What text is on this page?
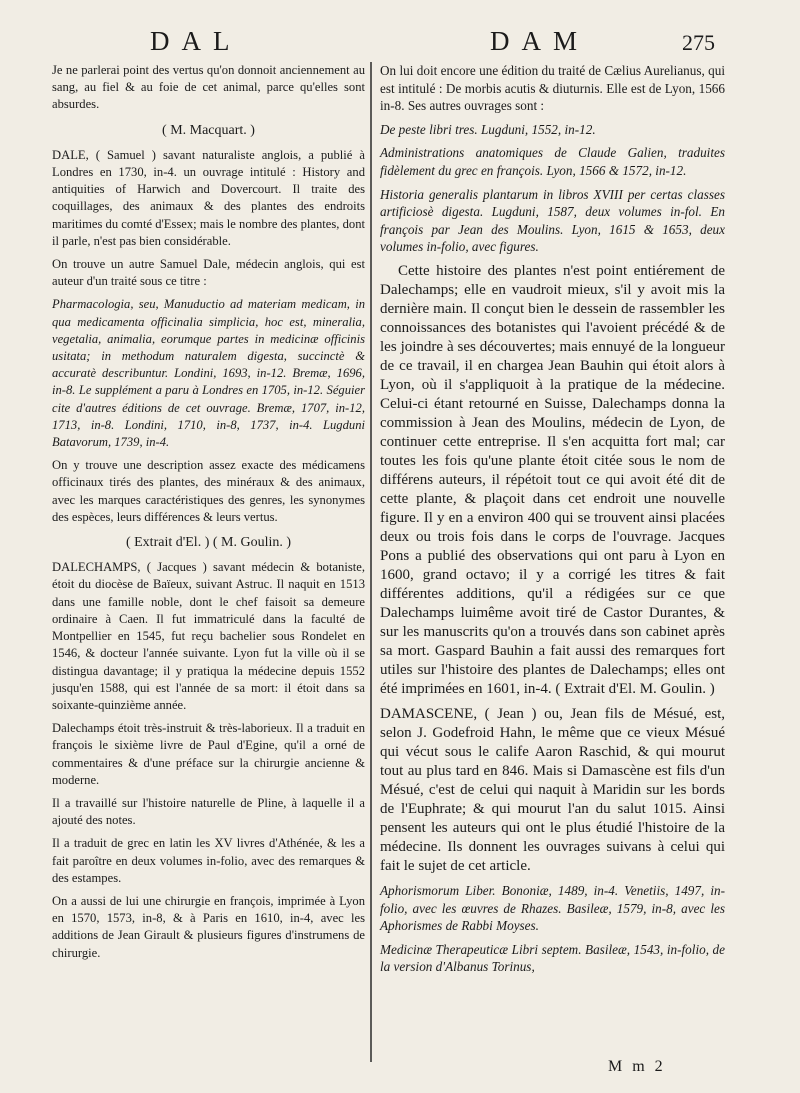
DAL	DAM	275

Je ne parlerai point des vertus qu'on donnoit anciennement au sang, au fiel & au foie de cet animal, parce qu'elles sont absurdes.

( M. Macquart. )

DALE, ( Samuel ) savant naturaliste anglois, a publié à Londres en 1730, in-4. un ouvrage intitulé : History and antiquities of Harwich and Dovercourt. Il traite des coquillages, des animaux & des plantes des endroits maritimes du comté d'Essex; mais le nombre des plantes, dont il parle, n'est pas bien considérable.

On trouve un autre Samuel Dale, médecin anglois, qui est auteur d'un traité sous ce titre :

Pharmacologia, seu, Manuductio ad materiam medicam, in qua medicamenta officinalia simplicia, hoc est, mineralia, vegetalia, animalia, eorumque partes in medicinæ officinis usitata; in methodum naturalem digesta, succinctè & accuratè describuntur. Londini, 1693, in-12. Bremæ, 1696, in-8. Le supplément a paru à Londres en 1705, in-12. Séguier cite d'autres éditions de cet ouvrage. Bremæ, 1707, in-12, 1713, in-8. Londini, 1710, in-8, 1737, in-4. Lugduni Batavorum, 1739, in-4.

On y trouve une description assez exacte des médicamens officinaux tirés des plantes, des minéraux & des animaux, avec les marques caractéristiques des genres, les synonymes des espèces, leurs différences & leurs vertus.

( Extrait d'El. ) ( M. Goulin. )

DALECHAMPS, ( Jacques ) savant médecin & botaniste, étoit du diocèse de Baïeux, suivant Astruc. Il naquit en 1513 dans une famille noble, dont le chef faisoit sa demeure ordinaire à Caen. Il fut immatriculé dans la faculté de Montpellier en 1545, fut reçu bachelier sous Rondelet en 1546, & docteur l'année suivante. Lyon fut la ville où il se distingua davantage; il y pratiqua la médecine depuis 1552 jusqu'en 1588, qui est l'année de sa mort: il étoit dans sa soixante-quinzième année.

Dalechamps étoit très-instruit & très-laborieux. Il a traduit en françois le sixième livre de Paul d'Egine, qu'il a orné de commentaires & d'une préface sur la chirurgie ancienne & moderne.

Il a travaillé sur l'histoire naturelle de Pline, à laquelle il a ajouté des notes.

Il a traduit de grec en latin les XV livres d'Athénée, & les a fait paroître en deux volumes in-folio, avec des remarques & des estampes.

On a aussi de lui une chirurgie en françois, imprimée à Lyon en 1570, 1573, in-8, & à Paris en 1610, in-4, avec les additions de Jean Girault & plusieurs figures d'instrumens de chirurgie.

On lui doit encore une édition du traité de Cælius Aurelianus, qui est intitulé : De morbis acutis & diuturnis. Elle est de Lyon, 1566 in-8. Ses autres ouvrages sont :

De peste libri tres. Lugduni, 1552, in-12.

Administrations anatomiques de Claude Galien, traduites fidèlement du grec en françois. Lyon, 1566 & 1572, in-12.

Historia generalis plantarum in libros XVIII per certas classes artificiosè digesta. Lugduni, 1587, deux volumes in-fol. En françois par Jean des Moulins. Lyon, 1615 & 1653, deux volumes in-folio, avec figures.

Cette histoire des plantes n'est point entiérement de Dalechamps; elle en vaudroit mieux, s'il y avoit mis la dernière main. Il conçut bien le dessein de rassembler les connoissances des botanistes qui l'avoient précédé & de les joindre à ses découvertes; mais ennuyé de la longueur de ce travail, il en chargea Jean Bauhin qui étoit alors à Lyon, où il s'appliquoit à la pratique de la médecine. Celui-ci étant retourné en Suisse, Dalechamps donna la commission à Jean des Moulins, médecin de Lyon, de continuer cette entreprise. Il s'en acquitta fort mal; car toutes les fois qu'une plante étoit citée sous le nom de différens auteurs, il répétoit tout ce qui avoit été dit de cette plante, & plaçoit dans cet endroit une nouvelle figure. Il y en a environ 400 qui se trouvent ainsi placées deux ou trois fois dans le corps de l'ouvrage. Jacques Pons a publié des observations qui ont paru à Lyon en 1600, grand octavo; il y a corrigé les titres & fait différentes additions, qu'il a rédigées sur ce que Dalechamps luimême avoit tiré de Castor Durantes, & sur les manuscrits qu'on a trouvés dans son cabinet après sa mort. Gaspard Bauhin a fait aussi des remarques fort utiles sur l'histoire des plantes de Dalechamps; elles ont été imprimées en 1601, in-4. ( Extrait d'El. M. Goulin. )

DAMASCENE, ( Jean ) ou, Jean fils de Mésué, est, selon J. Godefroid Hahn, le même que ce vieux Mésué qui vécut sous le calife Aaron Raschid, & qui mourut tout au plus tard en 846. Mais si Damascène est fils d'un Mésué, c'est de celui qui naquit à Maridin sur les bords de l'Euphrate; & qui mourut l'an du salut 1015. Ainsi pensent les auteurs qui ont le plus étudié l'histoire de la médecine. Ils donnent les ouvrages suivans à celui qui fait le sujet de cet article.

Aphorismorum Liber. Bononiæ, 1489, in-4. Venetiis, 1497, in-folio, avec les œuvres de Rhazes. Basileæ, 1579, in-8, avec les Aphorismes de Rabbi Moyses.

Medicinæ Therapeuticæ Libri septem. Basileæ, 1543, in-folio, de la version d'Albanus Torinus,

M m 2
